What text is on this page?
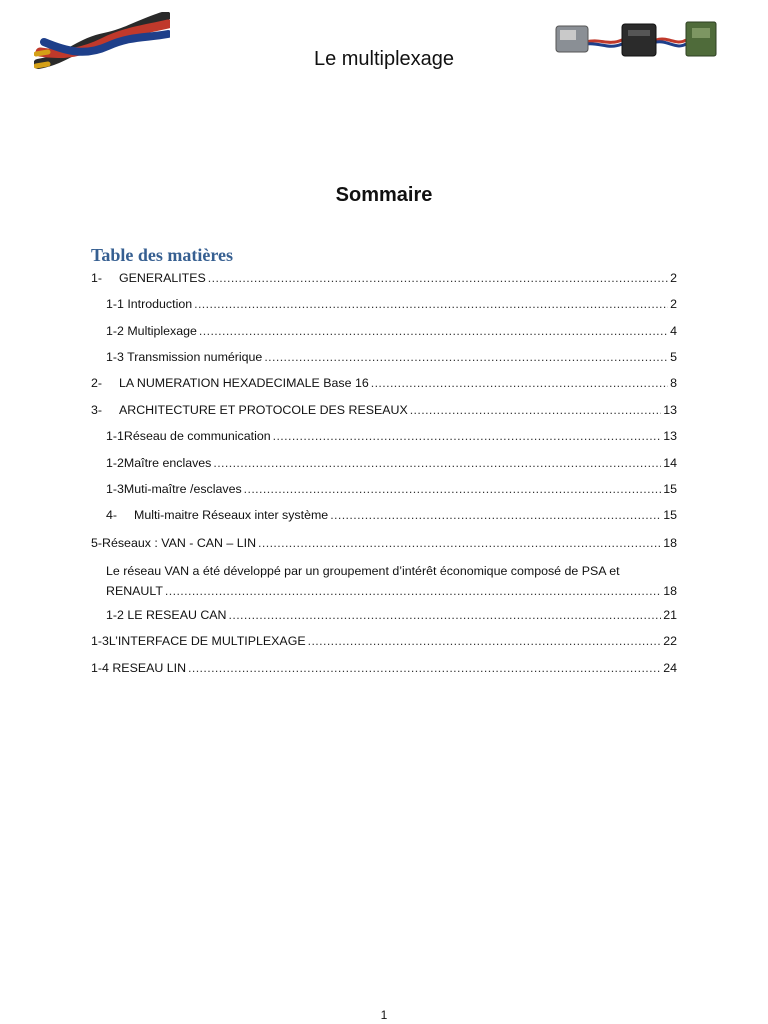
Le multiplexage
Sommaire
Table des matières
1-	GENERALITES .....	2
1-1 Introduction .....	2
1-2 Multiplexage .....	4
1-3 Transmission numérique .....	5
2-	LA NUMERATION HEXADECIMALE Base 16 .....	8
3-	ARCHITECTURE ET PROTOCOLE DES RESEAUX .....	13
1-1Réseau de communication .....	13
1-2Maître enclaves .....	14
1-3Muti-maître /esclaves .....	15
4-	Multi-maitre Réseaux inter système .....	15
5-Réseaux : VAN - CAN – LIN .....	18
Le réseau VAN a été développé par un groupement d’intérêt économique composé de PSA et
RENAULT .....	18
1-2 LE RESEAU CAN .....	21
1-3L’INTERFACE DE MULTIPLEXAGE .....	22
1-4 RESEAU LIN .....	24
1
